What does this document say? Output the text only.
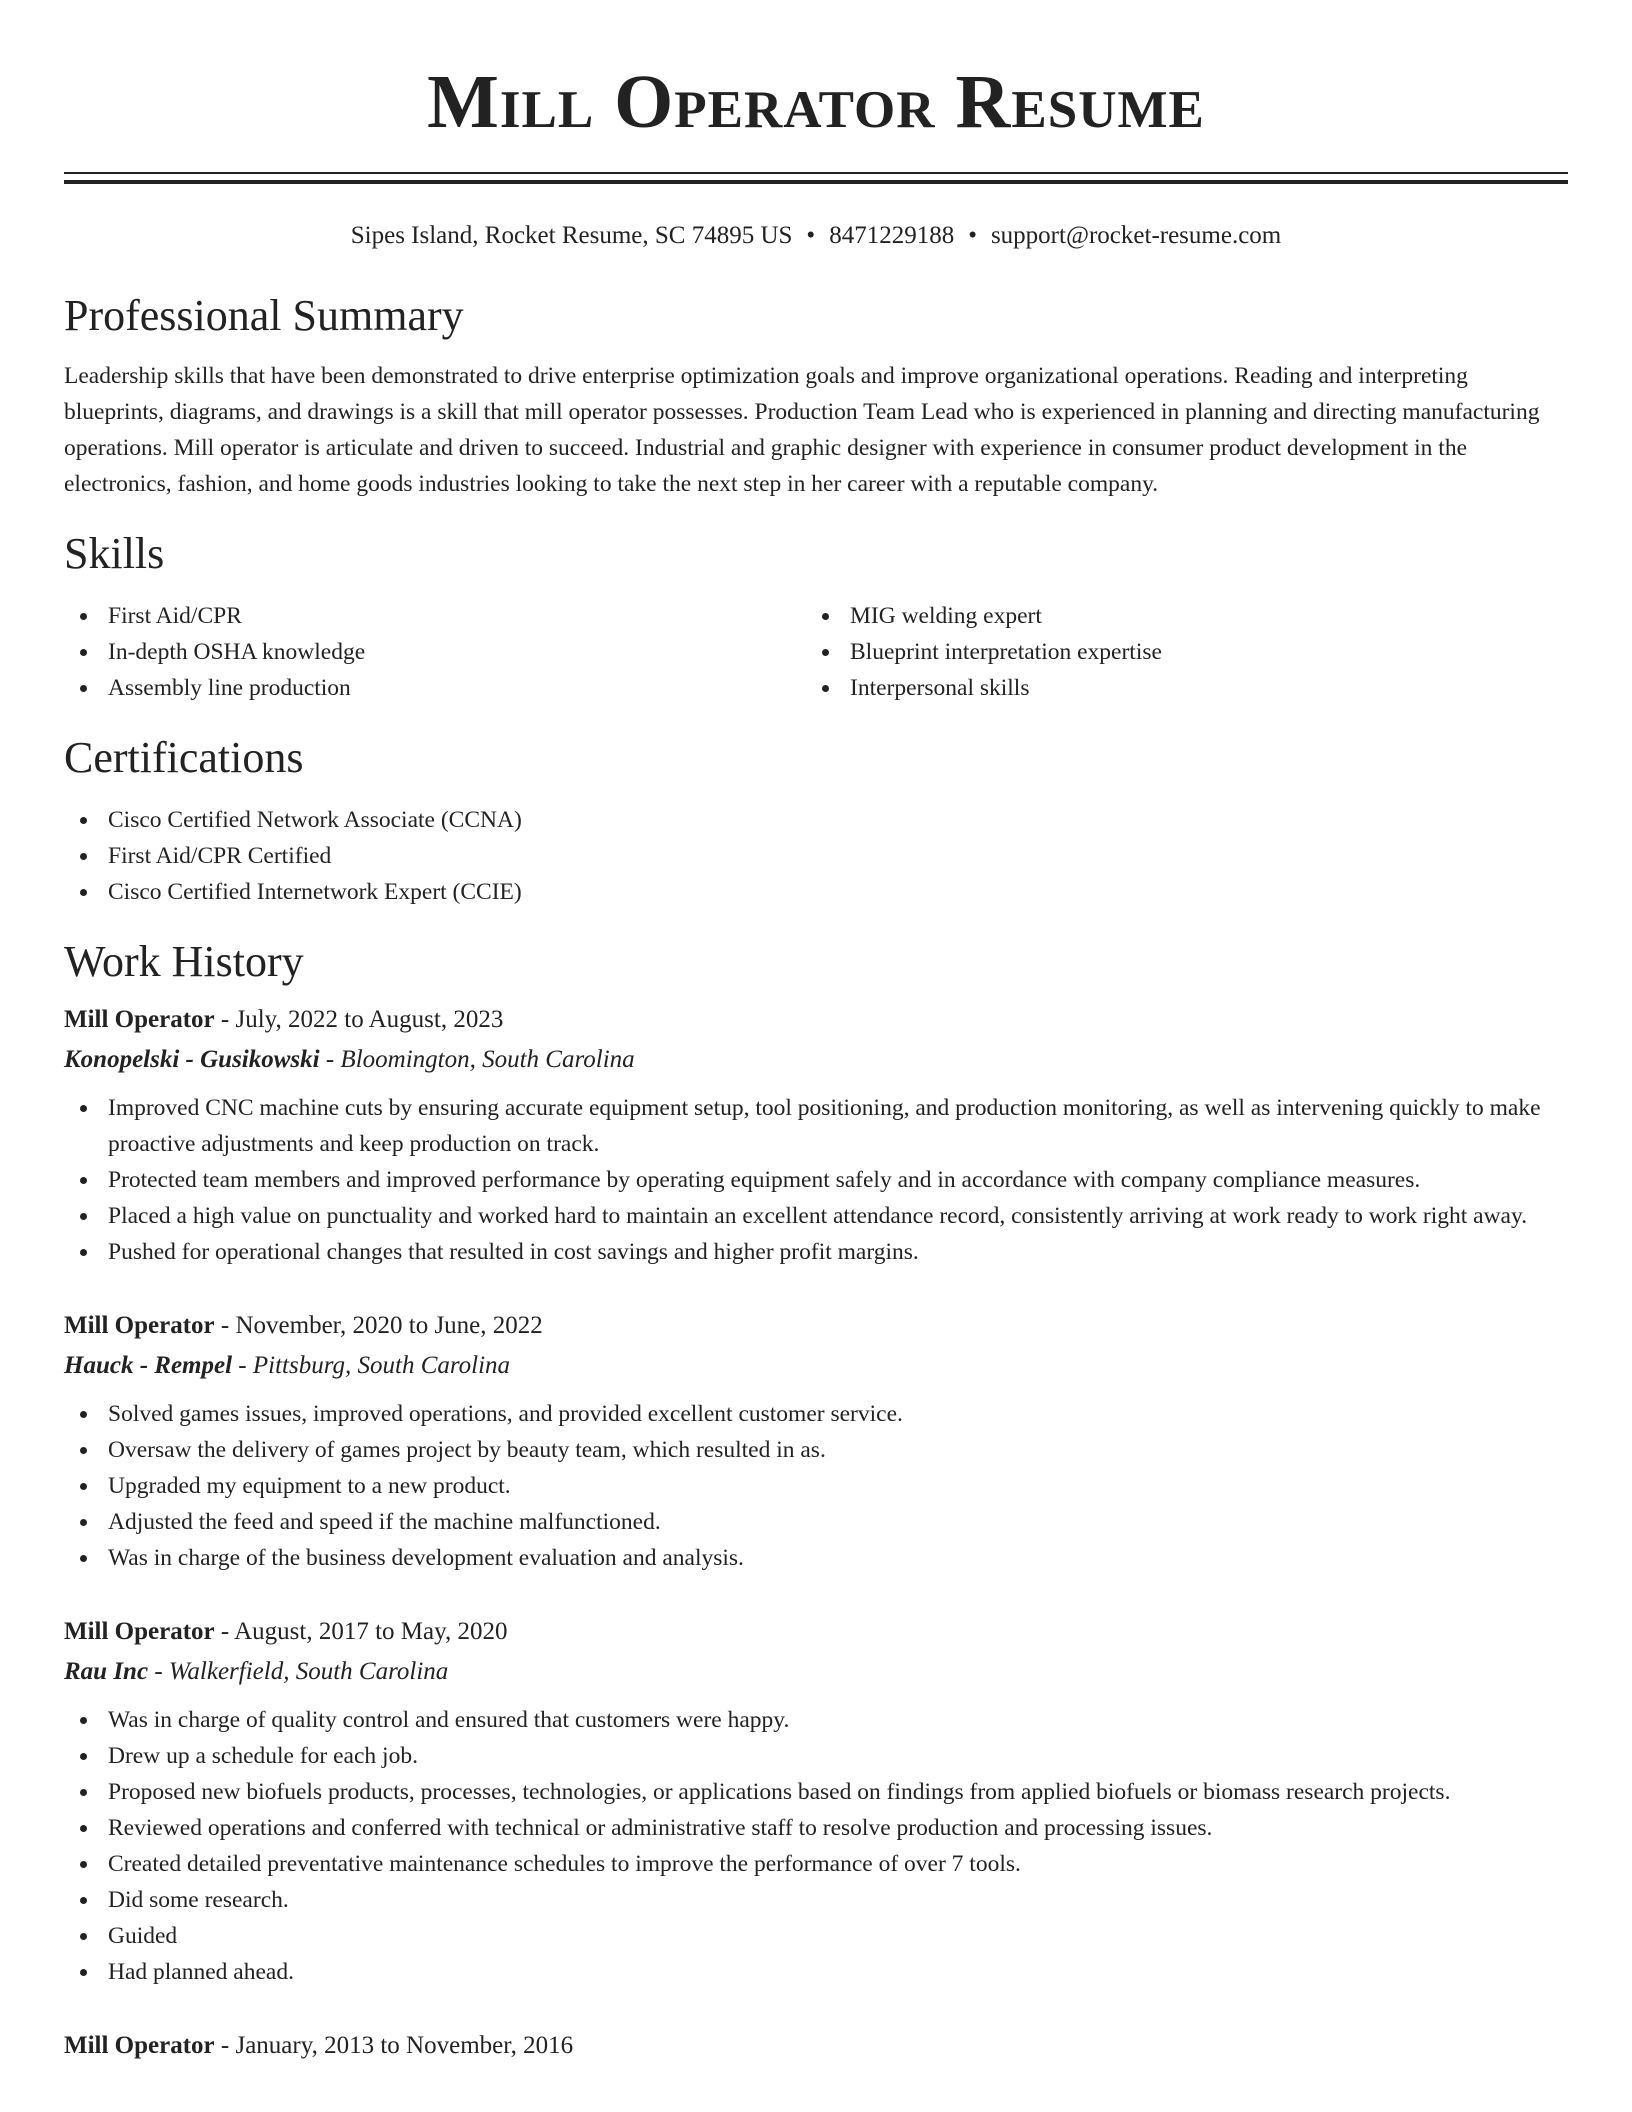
Mill Operator Resume
Sipes Island, Rocket Resume, SC 74895 US • 8471229188 • support@rocket-resume.com
Professional Summary

Leadership skills that have been demonstrated to drive enterprise optimization goals and improve organizational operations. Reading and interpreting blueprints, diagrams, and drawings is a skill that mill operator possesses. Production Team Lead who is experienced in planning and directing manufacturing operations. Mill operator is articulate and driven to succeed. Industrial and graphic designer with experience in consumer product development in the electronics, fashion, and home goods industries looking to take the next step in her career with a reputable company.

Skills
First Aid/CPR
In-depth OSHA knowledge
Assembly line production
MIG welding expert
Blueprint interpretation expertise
Interpersonal skills
Certifications
Cisco Certified Network Associate (CCNA)
First Aid/CPR Certified
Cisco Certified Internetwork Expert (CCIE)
Work History
Mill Operator - July, 2022 to August, 2023
Konopelski - Gusikowski - Bloomington, South Carolina
Improved CNC machine cuts by ensuring accurate equipment setup, tool positioning, and production monitoring, as well as intervening quickly to make proactive adjustments and keep production on track.
Protected team members and improved performance by operating equipment safely and in accordance with company compliance measures.
Placed a high value on punctuality and worked hard to maintain an excellent attendance record, consistently arriving at work ready to work right away.
Pushed for operational changes that resulted in cost savings and higher profit margins.
Mill Operator - November, 2020 to June, 2022
Hauck - Rempel - Pittsburg, South Carolina
Solved games issues, improved operations, and provided excellent customer service.
Oversaw the delivery of games project by beauty team, which resulted in as.
Upgraded my equipment to a new product.
Adjusted the feed and speed if the machine malfunctioned.
Was in charge of the business development evaluation and analysis.
Mill Operator - August, 2017 to May, 2020
Rau Inc - Walkerfield, South Carolina
Was in charge of quality control and ensured that customers were happy.
Drew up a schedule for each job.
Proposed new biofuels products, processes, technologies, or applications based on findings from applied biofuels or biomass research projects.
Reviewed operations and conferred with technical or administrative staff to resolve production and processing issues.
Created detailed preventative maintenance schedules to improve the performance of over 7 tools.
Did some research.
Guided
Had planned ahead.
Mill Operator - January, 2013 to November, 2016
